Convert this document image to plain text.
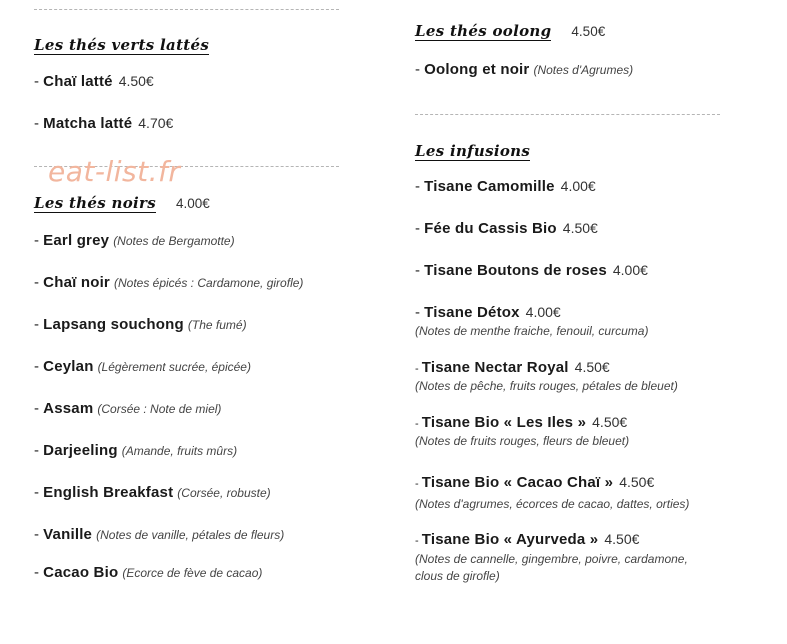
Les thés verts lattés
- Chaï latté 4.50€
- Matcha latté 4.70€
Les thés noirs 4.00€
- Earl grey (Notes de Bergamotte)
- Chaï noir (Notes épicés : Cardamone, girofle)
- Lapsang souchong (The fumé)
- Ceylan (Légèrement sucrée, épicée)
- Assam (Corsée : Note de miel)
- Darjeeling (Amande, fruits mûrs)
- English Breakfast (Corsée, robuste)
- Vanille (Notes de vanille, pétales de fleurs)
- Cacao Bio (Ecorce de fève de cacao)
eat-list.fr
Les thés oolong 4.50€
- Oolong et noir (Notes d'Agrumes)
Les infusions
- Tisane Camomille 4.00€
- Fée du Cassis Bio 4.50€
- Tisane Boutons de roses 4.00€
- Tisane Détox 4.00€
(Notes de menthe fraiche, fenouil, curcuma)
- Tisane Nectar Royal 4.50€
(Notes de pêche, fruits rouges, pétales de bleuet)
- Tisane Bio « Les Iles » 4.50€
(Notes de fruits rouges, fleurs de bleuet)
- Tisane Bio « Cacao Chaï » 4.50€
(Notes d'agrumes, écorces de cacao, dattes, orties)
- Tisane Bio « Ayurveda » 4.50€
(Notes de cannelle, gingembre, poivre, cardamone,
clous de girofle)
